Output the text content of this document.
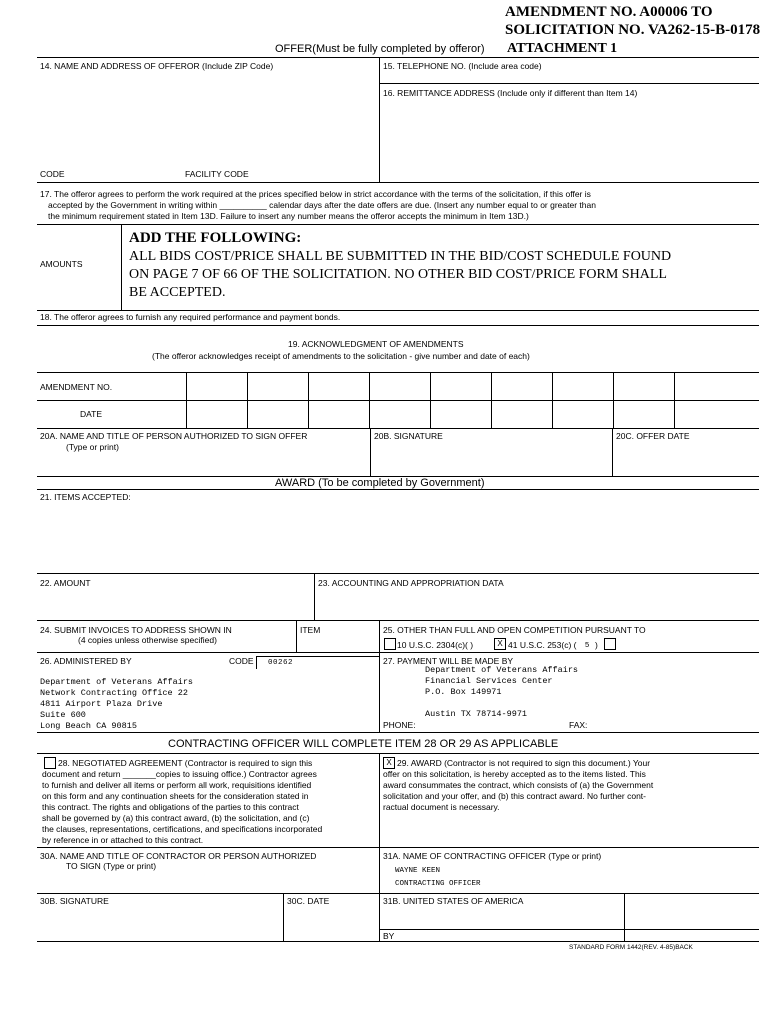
AMENDMENT NO. A00006 TO
SOLICITATION NO. VA262-15-B-0178
OFFER(Must be fully completed by offeror) ATTACHMENT 1
14. NAME AND ADDRESS OF OFFEROR (Include ZIP Code)	15. TELEPHONE NO. (Include area code)
16. REMITTANCE ADDRESS (Include only if different than Item 14)
CODE	FACILITY CODE
17. The offeror agrees to perform the work required at the prices specified below in strict accordance with the terms of the solicitation, if this offer is
accepted by the Government in writing within __________ calendar days after the date offers are due. (Insert any number equal to or greater than
the minimum requirement stated in Item 13D. Failure to insert any number means the offeror accepts the minimum in Item 13D.)
AMOUNTS
ADD THE FOLLOWING:
ALL BIDS COST/PRICE SHALL BE SUBMITTED IN THE BID/COST SCHEDULE FOUND
ON PAGE 7 OF 66 OF THE SOLICITATION. NO OTHER BID COST/PRICE FORM SHALL
BE ACCEPTED.
18. The offeror agrees to furnish any required performance and payment bonds.
19. ACKNOWLEDGMENT OF AMENDMENTS
(The offeror acknowledges receipt of amendments to the solicitation - give number and date of each)
AMENDMENT NO.
DATE
20A. NAME AND TITLE OF PERSON AUTHORIZED TO SIGN OFFER
(Type or print)
20B. SIGNATURE	20C. OFFER DATE
AWARD (To be completed by Government)
21. ITEMS ACCEPTED:
22. AMOUNT	23. ACCOUNTING AND APPROPRIATION DATA
24. SUBMIT INVOICES TO ADDRESS SHOWN IN
(4 copies unless otherwise specified)
ITEM	25. OTHER THAN FULL AND OPEN COMPETITION PURSUANT TO
10 U.S.C. 2304(c)( )	X 41 U.S.C. 253(c) ( 5 )
26. ADMINISTERED BY	CODE 00262
Department of Veterans Affairs
Network Contracting Office 22
4811 Airport Plaza Drive
Suite 600
Long Beach CA 90815
27. PAYMENT WILL BE MADE BY
Department of Veterans Affairs
Financial Services Center
P.O. Box 149971
Austin TX 78714-9971
PHONE:	FAX:
CONTRACTING OFFICER WILL COMPLETE ITEM 28 OR 29 AS APPLICABLE
28. NEGOTIATED AGREEMENT (Contractor is required to sign this
document and return _______copies to issuing office.) Contractor agrees
to furnish and deliver all items or perform all work, requisitions identified
on this form and any continuation sheets for the consideration stated in
this contract. The rights and obligations of the parties to this contract
shall be governed by (a) this contract award, (b) the solicitation, and (c)
the clauses, representations, certifications, and specifications incorporated
by reference in or attached to this contract.
X 29. AWARD (Contractor is not required to sign this document.) Your
offer on this solicitation, is hereby accepted as to the items listed. This
award consummates the contract, which consists of (a) the Government
solicitation and your offer, and (b) this contract award. No further cont-
ractual document is necessary.
30A. NAME AND TITLE OF CONTRACTOR OR PERSON AUTHORIZED
TO SIGN (Type or print)
31A. NAME OF CONTRACTING OFFICER (Type or print)
WAYNE KEEN
CONTRACTING OFFICER
30B. SIGNATURE	30C. DATE	31B. UNITED STATES OF AMERICA
BY
STANDARD FORM 1442(REV. 4-85)BACK
